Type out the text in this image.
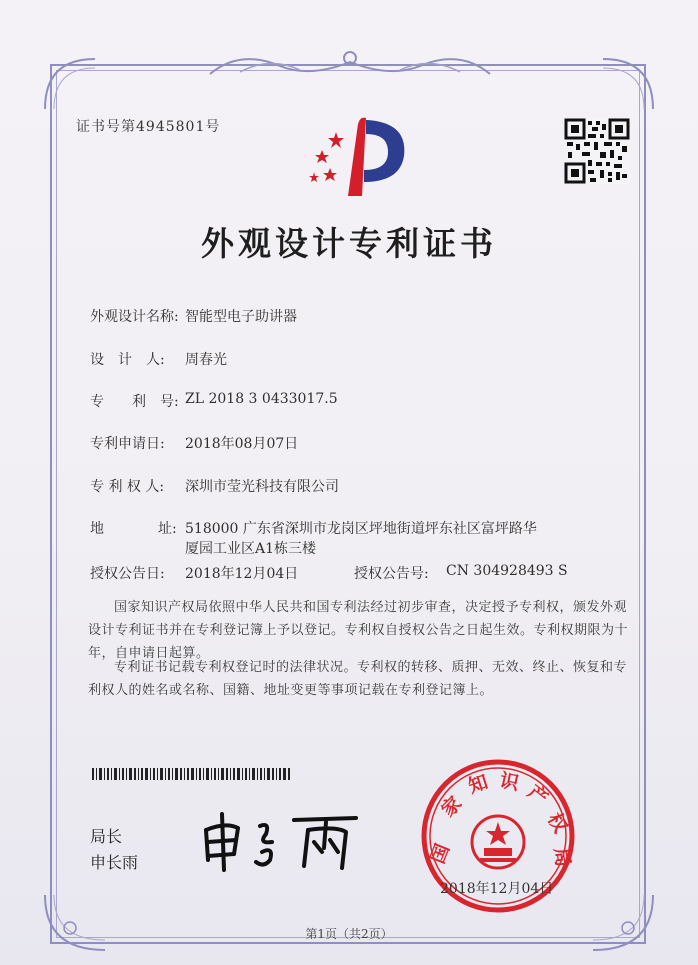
证书号第4945801号
外观设计专利证书
外观设计名称: 智能型电子助讲器
设　计　人: 周春光
专　　利　号: ZL 2018 3 0433017.5
专利申请日: 2018年08月07日
专 利 权 人: 深圳市莹光科技有限公司
地	址: 518000 广东省深圳市龙岗区坪地街道坪东社区富坪路华
厦园工业区A1栋三楼
授权公告日: 2018年12月04日	授权公告号: CN 304928493 S
国家知识产权局依照中华人民共和国专利法经过初步审查，决定授予专利权，颁发外观设计专利证书并在专利登记簿上予以登记。专利权自授权公告之日起生效。专利权期限为十年，自申请日起算。
专利证书记载专利权登记时的法律状况。专利权的转移、质押、无效、终止、恢复和专利权人的姓名或名称、国籍、地址变更等事项记载在专利登记簿上。
局长
申长雨	国
家
知 识 产
权
局
2018年12月04日
第1页（共2页）
